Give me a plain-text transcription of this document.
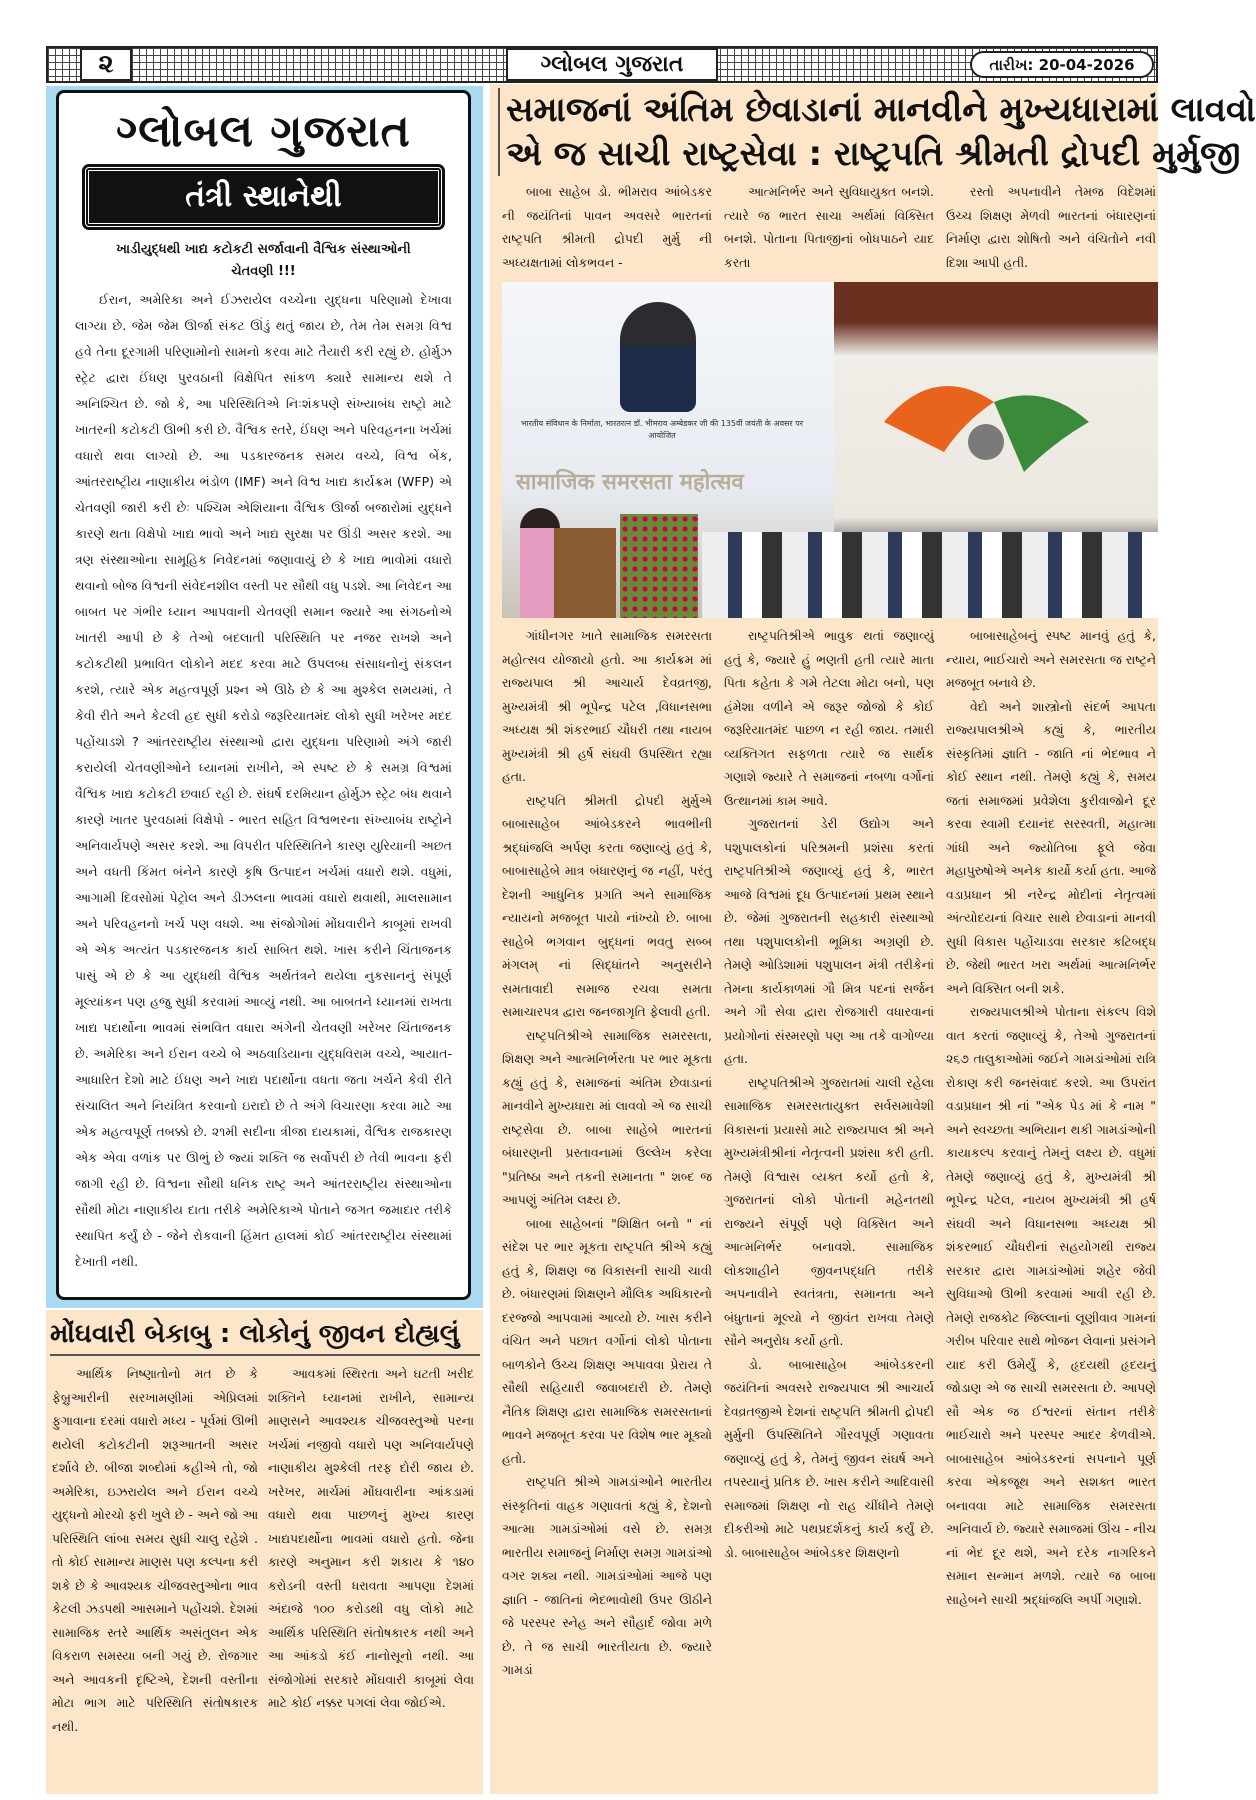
૨	ગ્લોબલ ગુજરાત	તારીખ:
20-04-2026
ગ્લોબલ ગુજરાત
તંત્રી સ્થાનેથી
ખાડીયુદ્ધથી ખાદ્ય કટોકટી સર્જાવાની વૈશ્વિક સંસ્થાઓની ચેતવણી !!!

ઈરાન, અમેરિકા અને ઈઝરાયેલ વચ્ચેના યુદ્ધના પરિણામો દેખાવા લાગ્યા છે. જેમ જેમ ઊર્જા સંકટ ઊંડું થતું જાય છે, તેમ તેમ સમગ્ર વિશ્વ હવે તેના દૂરગામી પરિણામોનો સામનો કરવા માટે તૈયારી કરી રહ્યું છે. હોર્મુઝ સ્ટ્રેટ દ્વારા ઈંધણ પુરવઠાની વિક્ષેપિત સાંકળ ક્યારે સામાન્ય થશે તે અનિશ્ચિત છે. જો કે, આ પરિસ્થિતિએ નિઃશંકપણે સંખ્યાબંધ રાષ્ટ્રો માટે ખાતરની કટોકટી ઊભી કરી છે. વૈશ્વિક સ્તરે, ઈંધણ અને પરિવહનના ખર્ચમાં વધારો થવા લાગ્યો છે. આ પડકારજનક સમય વચ્ચે, વિશ્વ બેંક, આંતરરાષ્ટ્રીય નાણાકીય ભંડોળ (IMF) અને વિશ્વ ખાદ્ય કાર્યક્રમ (WFP) એ ચેતવણી જારી કરી છેઃ પશ્ચિમ એશિયાના વૈશ્વિક ઊર્જા બજારોમાં યુદ્ધને કારણે થતા વિક્ષેપો ખાદ્ય ભાવો અને ખાદ્ય સુરક્ષા પર ઊંડી અસર કરશે. આ ત્રણ સંસ્થાઓના સામૂહિક નિવેદનમાં જણાવાયું છે કે ખાદ્ય ભાવોમાં વધારો થવાનો બોજ વિશ્વની સંવેદનશીલ વસ્તી પર સૌથી વધુ પડશે. આ નિવેદન આ બાબત પર ગંભીર ધ્યાન આપવાની ચેતવણી સમાન જ્યારે આ સંગઠનોએ ખાતરી આપી છે કે તેઓ બદલાતી પરિસ્થિતિ પર નજર રાખશે અને કટોકટીથી પ્રભાવિત લોકોને મદદ કરવા માટે ઉપલબ્ધ સંસાધનોનું સંકલન કરશે, ત્યારે એક મહત્વપૂર્ણ પ્રશ્ન એ ઊઠે છે કે આ મુશ્કેલ સમયમાં, તે કેવી રીતે અને કેટલી હદ સુધી કરોડો જરૂરિયાતમંદ લોકો સુધી ખરેખર મદદ પહોંચાડશે ? આંતરરાષ્ટ્રીય સંસ્થાઓ દ્વારા યુદ્ધના પરિણામો અંગે જારી કરાયેલી ચેતવણીઓને ધ્યાનમાં રાખીને, એ સ્પષ્ટ છે કે સમગ્ર વિશ્વમાં વૈશ્વિક ખાદ્ય કટોકટી છવાઈ રહી છે. સંઘર્ષ દરમિયાન હોર્મુઝ સ્ટ્રેટ બંધ થવાને કારણે ખાતર પુરવઠામાં વિક્ષેપો - ભારત સહિત વિશ્વભરના સંખ્યાબંધ રાષ્ટ્રોને અનિવાર્યપણે અસર કરશે. આ વિપરીત પરિસ્થિતિને કારણ યુરિયાની અછત અને વધતી કિંમત બંનેને કારણે કૃષિ ઉત્પાદન ખર્ચમાં વધારો થશે. વધુમાં, આગામી દિવસોમાં પેટ્રોલ અને ડીઝલના ભાવમાં વધારો થવાથી, માલસામાન અને પરિવહનનો ખર્ચ પણ વધશે. આ સંજોગોમાં મોંઘવારીને કાબૂમાં રાખવી એ એક અત્યંત પડકારજનક કાર્ય સાબિત થશે. ખાસ કરીને ચિંતાજનક પાસું એ છે કે આ યુદ્ધથી વૈશ્વિક અર્થતંત્રને થયેલા નુકસાનનું સંપૂર્ણ મૂલ્યાંકન પણ હજુ સુધી કરવામાં આવ્યું નથી. આ બાબતને ધ્યાનમાં રાખતા ખાદ્ય પદાર્થોના ભાવમાં સંભવિત વધારા અંગેની ચેતવણી ખરેખર ચિંતાજનક છે. અમેરિકા અને ઈરાન વચ્ચે બે અઠવાડિયાના યુદ્ધવિરામ વચ્ચે, આયાત-આધારિત દેશો માટે ઈંધણ અને ખાદ્ય પદાર્થોના વધતા જતા ખર્ચને કેવી રીતે સંચાલિત અને નિયંત્રિત કરવાનો ઇરાદો છે તે અંગે વિચારણા કરવા માટે આ એક મહત્વપૂર્ણ તબક્કો છે. ૨૧મી સદીના ત્રીજા દાયકામાં, વૈશ્વિક રાજકારણ એક એવા વળાંક પર ઊભું છે જ્યાં શક્તિ જ સર્વોપરી છે તેવી ભાવના ફરી જાગી રહી છે. વિશ્વના સૌથી ધનિક રાષ્ટ્ર અને આંતરરાષ્ટ્રીય સંસ્થાઓના સૌથી મોટા નાણાકીય દાતા તરીકે અમેરિકાએ પોતાને જગત જમાદાર તરીકે સ્થાપિત કર્યું છે - જેને રોકવાની હિંમત હાલમાં કોઈ આંતરરાષ્ટ્રીય સંસ્થામાં દેખાતી નથી.

સમાજનાં અંતિમ છેવાડાનાં માનવીને મુખ્યધારામાં લાવવો
એ જ સાચી રાષ્ટ્રસેવા : રાષ્ટ્રપતિ શ્રીમતી દ્રોપદી મુર્મુજી

બાબા સાહેબ ડો. ભીમરાવ આંબેડકર ની જયંતિનાં પાવન અવસરે ભારતનાં રાષ્ટ્રપતિ શ્રીમતી દ્રોપદી મુર્મુ ની અધ્યક્ષતામાં લોકભવન -

આત્મનિર્ભર અને સુવિધાયુક્ત બનશે. ત્યારે જ ભારત સાચા અર્થમાં વિક્સિત બનશે. પોતાના પિતાજીનાં બોધપાઠને યાદ કરતા

રસ્તો અપનાવીને તેમજ વિદેશમાં ઉચ્ચ શિક્ષણ મેળવી ભારતનાં બંધારણનાં નિર્માણ દ્વારા શોષિતો અને વંચિતોને નવી દિશા આપી હતી.

भारतीय संविधान के निर्माता, भारतरत्न डॉ. भीमराव अम्बेडकर जी की 135वीं जयंती के अवसर पर आयोजित
सामाजिक समरसता महोत्सव

ગાંધીનગર ખાતે સામાજિક સમરસતા મહોત્સવ યોજાયો હતો. આ કાર્યક્રમ માં રાજ્યપાલ શ્રી આચાર્ય દેવવ્રતજી, મુખ્યમંત્રી શ્રી ભૂપેન્દ્ર પટેલ ,વિધાનસભા અધ્યક્ષ શ્રી શંકરભાઈ ચૌધરી તથા નાયબ મુખ્યમંત્રી શ્રી હર્ષ સંઘવી ઉપસ્થિત રહ્યા હતા.

રાષ્ટ્રપતિ શ્રીમતી દ્રોપદી મુર્મુએ બાબાસાહેબ આંબેડકરને ભાવભીની શ્રદ્ધાંજલિ અર્પણ કરતા જણાવ્યું હતું કે, બાબાસાહેબે માત્ર બંધારણનું જ નહીં, પરંતુ દેશની આધુનિક પ્રગતિ અને સામાજિક ન્યાયનો મજબૂત પાયો નાંખ્યો છે. બાબા સાહેબે ભગવાન બુદ્ધનાં ભવતુ સબ્બ મંગલમ્ નાં સિદ્ધાંતને અનુસરીને સમતાવાદી સમાજ રચવા સમતા સમાચારપત્ર દ્વારા જનજાગૃતિ ફેલાવી હતી.

રાષ્ટ્રપતિશ્રીએ સામાજિક સમરસતા, શિક્ષણ અને આત્મનિર્ભરતા પર ભાર મૂકતા કહ્યું હતું કે, સમાજનાં અંતિમ છેવાડાનાં માનવીને મુખ્યધારા માં લાવવો એ જ સાચી રાષ્ટ્રસેવા છે. બાબા સાહેબે ભારતનાં બંધારણની પ્રસ્તાવનામાં ઉલ્લેખ કરેલા "પ્રતિષ્ઠા અને તકની સમાનતા " શબ્દ જ આપણું અંતિમ લક્ષ્ય છે.

બાબા સાહેબનાં "શિક્ષિત બનો " નાં સંદેશ પર ભાર મૂકતા રાષ્ટ્રપતિ શ્રીએ કહ્યું હતું કે, શિક્ષણ જ વિકાસની સાચી ચાવી છે. બંધારણમાં શિક્ષણને મૌલિક અધિકારનો દરજ્જો આપવામાં આવ્યો છે. ખાસ કરીને વંચિત અને પછાત વર્ગોનાં લોકો પોતાના બાળકોને ઉચ્ચ શિક્ષણ અપાવવા પ્રેરાય તે સૌથી સહિયારી જવાબદારી છે. તેમણે નૈતિક શિક્ષણ દ્વારા સામાજિક સમરસતાનાં ભાવને મજબૂત કરવા પર વિશેષ ભાર મૂક્યો હતો.

રાષ્ટ્રપતિ શ્રીએ ગામડાંઓને ભારતીય સંસ્કૃતિનાં વાહક ગણાવતાં કહ્યું કે, દેશનો આત્મા ગામડાંઓમાં વસે છે. સમગ્ર ભારતીય સમાજનું નિર્માણ સમગ્ર ગામડાંઓ વગર શક્ય નથી. ગામડાંઓમાં આજે પણ જ્ઞાતિ - જાતિનાં ભેદભાવોથી ઉપર ઊઠીને જે પરસ્પર સ્નેહ અને સૌહાર્દ જોવા મળે છે. તે જ સાચી ભારતીયતા છે. જ્યારે ગામડાં

રાષ્ટ્રપતિશ્રીએ ભાવુક થતાં જણાવ્યું હતું કે, જ્યારે હું ભણતી હતી ત્યારે માતા પિતા કહેતા કે ગમે તેટલા મોટા બનો, પણ હંમેશા વળીને એ જરૂર જોજો કે કોઈ જરૂરિયાતમંદ પાછળ ન રહી જાય. તમારી વ્યક્તિગત સફળતા ત્યારે જ સાર્થક ગણાશે જ્યારે તે સમાજનાં નબળા વર્ગોનાં ઉત્થાનમાં કામ આવે.

ગુજરાતનાં ડેરી ઉદ્યોગ અને પશુપાલકોનાં પરિશ્રમની પ્રશંસા કરતાં રાષ્ટ્રપતિશ્રીએ જણાવ્યું હતું કે, ભારત આજે વિશ્વમાં દૂધ ઉત્પાદનમાં પ્રથમ સ્થાને છે. જેમાં ગુજરાતની સહકારી સંસ્થાઓ તથા પશુપાલકોની ભૂમિકા અગ્રણી છે. તેમણે ઓડિશામાં પશુપાલન મંત્રી તરીકેનાં તેમના કાર્યકાળમાં ગૌ મિત્ર પદનાં સર્જન અને ગૌ સેવા દ્વારા રોજગારી વધારવાનાં પ્રયોગોનાં સંસ્મરણો પણ આ તકે વાગોળ્યા હતા.

રાષ્ટ્રપતિશ્રીએ ગુજરાતમાં ચાલી રહેલા સામાજિક સમરસતાયુક્ત સર્વસમાવેશી વિકાસનાં પ્રયાસો માટે રાજ્યપાલ શ્રી અને મુખ્યમંત્રીશ્રીનાં નેતૃત્વની પ્રશંસા કરી હતી. તેમણે વિશ્વાસ વ્યક્ત કર્યો હતો કે, ગુજરાતનાં લોકો પોતાની મહેનતથી રાજ્યને સંપૂર્ણ પણે વિક્સિત અને આત્મનિર્ભર બનાવશે. સામાજિક લોકશાહીને જીવનપદ્ધતિ તરીકે અપનાવીને સ્વતંત્રતા, સમાનતા અને બંધુતાનાં મૂલ્યો ને જીવંત રાખવા તેમણે સૌને અનુરોધ કર્યો હતો.

ડો. બાબાસાહેબ આંબેડકરની જયંતિનાં અવસરે રાજ્યપાલ શ્રી આચાર્ય દેવવ્રતજીએ દેશનાં રાષ્ટ્રપતિ શ્રીમતી દ્રોપદી મુર્મુની ઉપસ્થિતિને ગૌરવપૂર્ણ ગણાવતા જણાવ્યું હતું કે, તેમનું જીવન સંઘર્ષ અને તપસ્યાનું પ્રતિક છે. ખાસ કરીને આદિવાસી સમાજમાં શિક્ષણ નો રાહ ચીંધીને તેમણે દીકરીઓ માટે પથપ્રદર્શકનું કાર્ય કર્યું છે. ડો. બાબાસાહેબ આંબેડકર શિક્ષણનો

બાબાસાહેબનું સ્પષ્ટ માનવું હતું કે, ન્યાય, ભાઈચારો અને સમરસતા જ રાષ્ટ્રને મજબૂત બનાવે છે.

વેદો અને શાસ્ત્રોનો સંદર્ભ આપતા રાજ્યપાલશ્રીએ કહ્યું કે, ભારતીય સંસ્કૃતિમાં જ્ઞાતિ - જાતિ નાં ભેદભાવ ને કોઈ સ્થાન નથી. તેમણે કહ્યું કે, સમય જતાં સમાજમાં પ્રવેશેલા કુરીવાજોને દૂર કરવા સ્વામી દયાનંદ સરસ્વતી, મહાત્મા ગાંધી અને જ્યોતિબા ફૂલે જેવા મહાપુરુષોએ અનેક કાર્યો કર્યા હતા. આજે વડાપ્રધાન શ્રી નરેન્દ્ર મોદીનાં નેતૃત્વમાં અંત્યોદયનાં વિચાર સાથે છેવાડાનાં માનવી સુધી વિકાસ પહોંચાડવા સરકાર કટિબદ્ધ છે. જેથી ભારત ખરા અર્થમાં આત્મનિર્ભર અને વિક્સિત બની શકે.

રાજ્યપાલશ્રીએ પોતાના સંકલ્પ વિશે વાત કરતાં જણાવ્યું કે, તેઓ ગુજરાતનાં ૨૬૭ તાલુકાઓમાં જઈને ગામડાંઓમાં રાત્રિ રોકાણ કરી જનસંવાદ કરશે. આ ઉપરાંત વડાપ્રધાન શ્રી નાં "એક પેડ માં કે નામ " અને સ્વચ્છતા અભિયાન થકી ગામડાંઓની કાયાકલ્પ કરવાનું તેમનું લક્ષ્ય છે. વધુમાં તેમણે જણાવ્યું હતું કે, મુખ્યમંત્રી શ્રી ભૂપેન્દ્ર પટેલ, નાયબ મુખ્યમંત્રી શ્રી હર્ષ સંઘવી અને વિધાનસભા અધ્યક્ષ શ્રી શંકરભાઈ ચૌધરીનાં સહયોગથી રાજ્ય સરકાર દ્વારા ગામડાંઓમાં શહેર જેવી સુવિધાઓ ઊભી કરવામાં આવી રહી છે. તેમણે રાજકોટ જિલ્લાનાં લૂણીવાવ ગામનાં ગરીબ પરિવાર સાથે ભોજન લેવાનાં પ્રસંગને યાદ કરી ઉમેર્યું કે, હૃદયથી હૃદયનું જોડાણ એ જ સાચી સમરસતા છે. આપણે સૌ એક જ ઈશ્વરનાં સંતાન તરીકે ભાઈચારો અને પરસ્પર આદર કેળવીએ. બાબાસાહેબ આંબેડકરનાં સપનાને પૂર્ણ કરવા એકજૂથ અને સશક્ત ભારત બનાવવા માટે સામાજિક સમરસતા અનિવાર્ય છે. જ્યારે સમાજમાં ઊંચ - નીચ નાં ભેદ દૂર થશે, અને દરેક નાગરિકને સમાન સન્માન મળશે. ત્યારે જ બાબા સાહેબને સાચી શ્રદ્ધાંજલિ અર્પી ગણાશે.

મોંઘવારી બેકાબુ : લોકોનું જીવન દોહ્યલું

આર્થિક નિષ્ણાતોનો મત છે કે ફેબ્રુઆરીની સરખામણીમાં એપ્રિલમાં ફુગાવાના દરમાં વધારો મધ્ય - પૂર્વમાં ઊભી થયેલી કટોકટીની શરૂઆતની અસર દર્શાવે છે. બીજા શબ્દોમાં કહીએ તો, જો અમેરિકા, ઇઝરાયેલ અને ઈરાન વચ્ચે યુદ્ધનો મોરચો ફરી ખુલે છે - અને જો આ પરિસ્થિતિ લાંબા સમય સુધી ચાલુ રહેશે . તો કોઈ સામાન્ય માણસ પણ કલ્પના કરી શકે છે કે આવશ્યક ચીજવસ્તુઓના ભાવ કેટલી ઝડપથી આસમાને પહોંચશે. દેશમાં સામાજિક સ્તરે આર્થિક અસંતુલન એક વિકરાળ સમસ્યા બની ગયું છે. રોજગાર અને આવકની દૃષ્ટિએ, દેશની વસ્તીના મોટા ભાગ માટે પરિસ્થિતિ સંતોષકારક નથી.

આવકમાં સ્થિરતા અને ઘટતી ખરીદ શક્તિને ધ્યાનમાં રાખીને, સામાન્ય માણસને આવશ્યક ચીજવસ્તુઓ પરના ખર્ચમાં નજીવો વધારો પણ અનિવાર્યપણે નાણાકીય મુશ્કેલી તરફ દોરી જાય છે. ખરેખર, માર્ચમાં મોંઘવારીના આંકડામાં વધારો થવા પાછળનું મુખ્ય કારણ ખાદ્યપદાર્થોના ભાવમાં વધારો હતો. જેના કારણે અનુમાન કરી શકાય કે ૧૪૦ કરોડની વસ્તી ધરાવતા આપણા દેશમાં અંદાજે ૧૦૦ કરોડથી વધુ લોકો માટે આર્થિક પરિસ્થિતિ સંતોષકારક નથી અને આ આંકડો કંઈ નાનોસૂનો નથી. આ સંજોગોમાં સરકારે મોંઘવારી કાબૂમાં લેવા માટે કોઈ નક્કર પગલાં લેવા જોઈએ.
